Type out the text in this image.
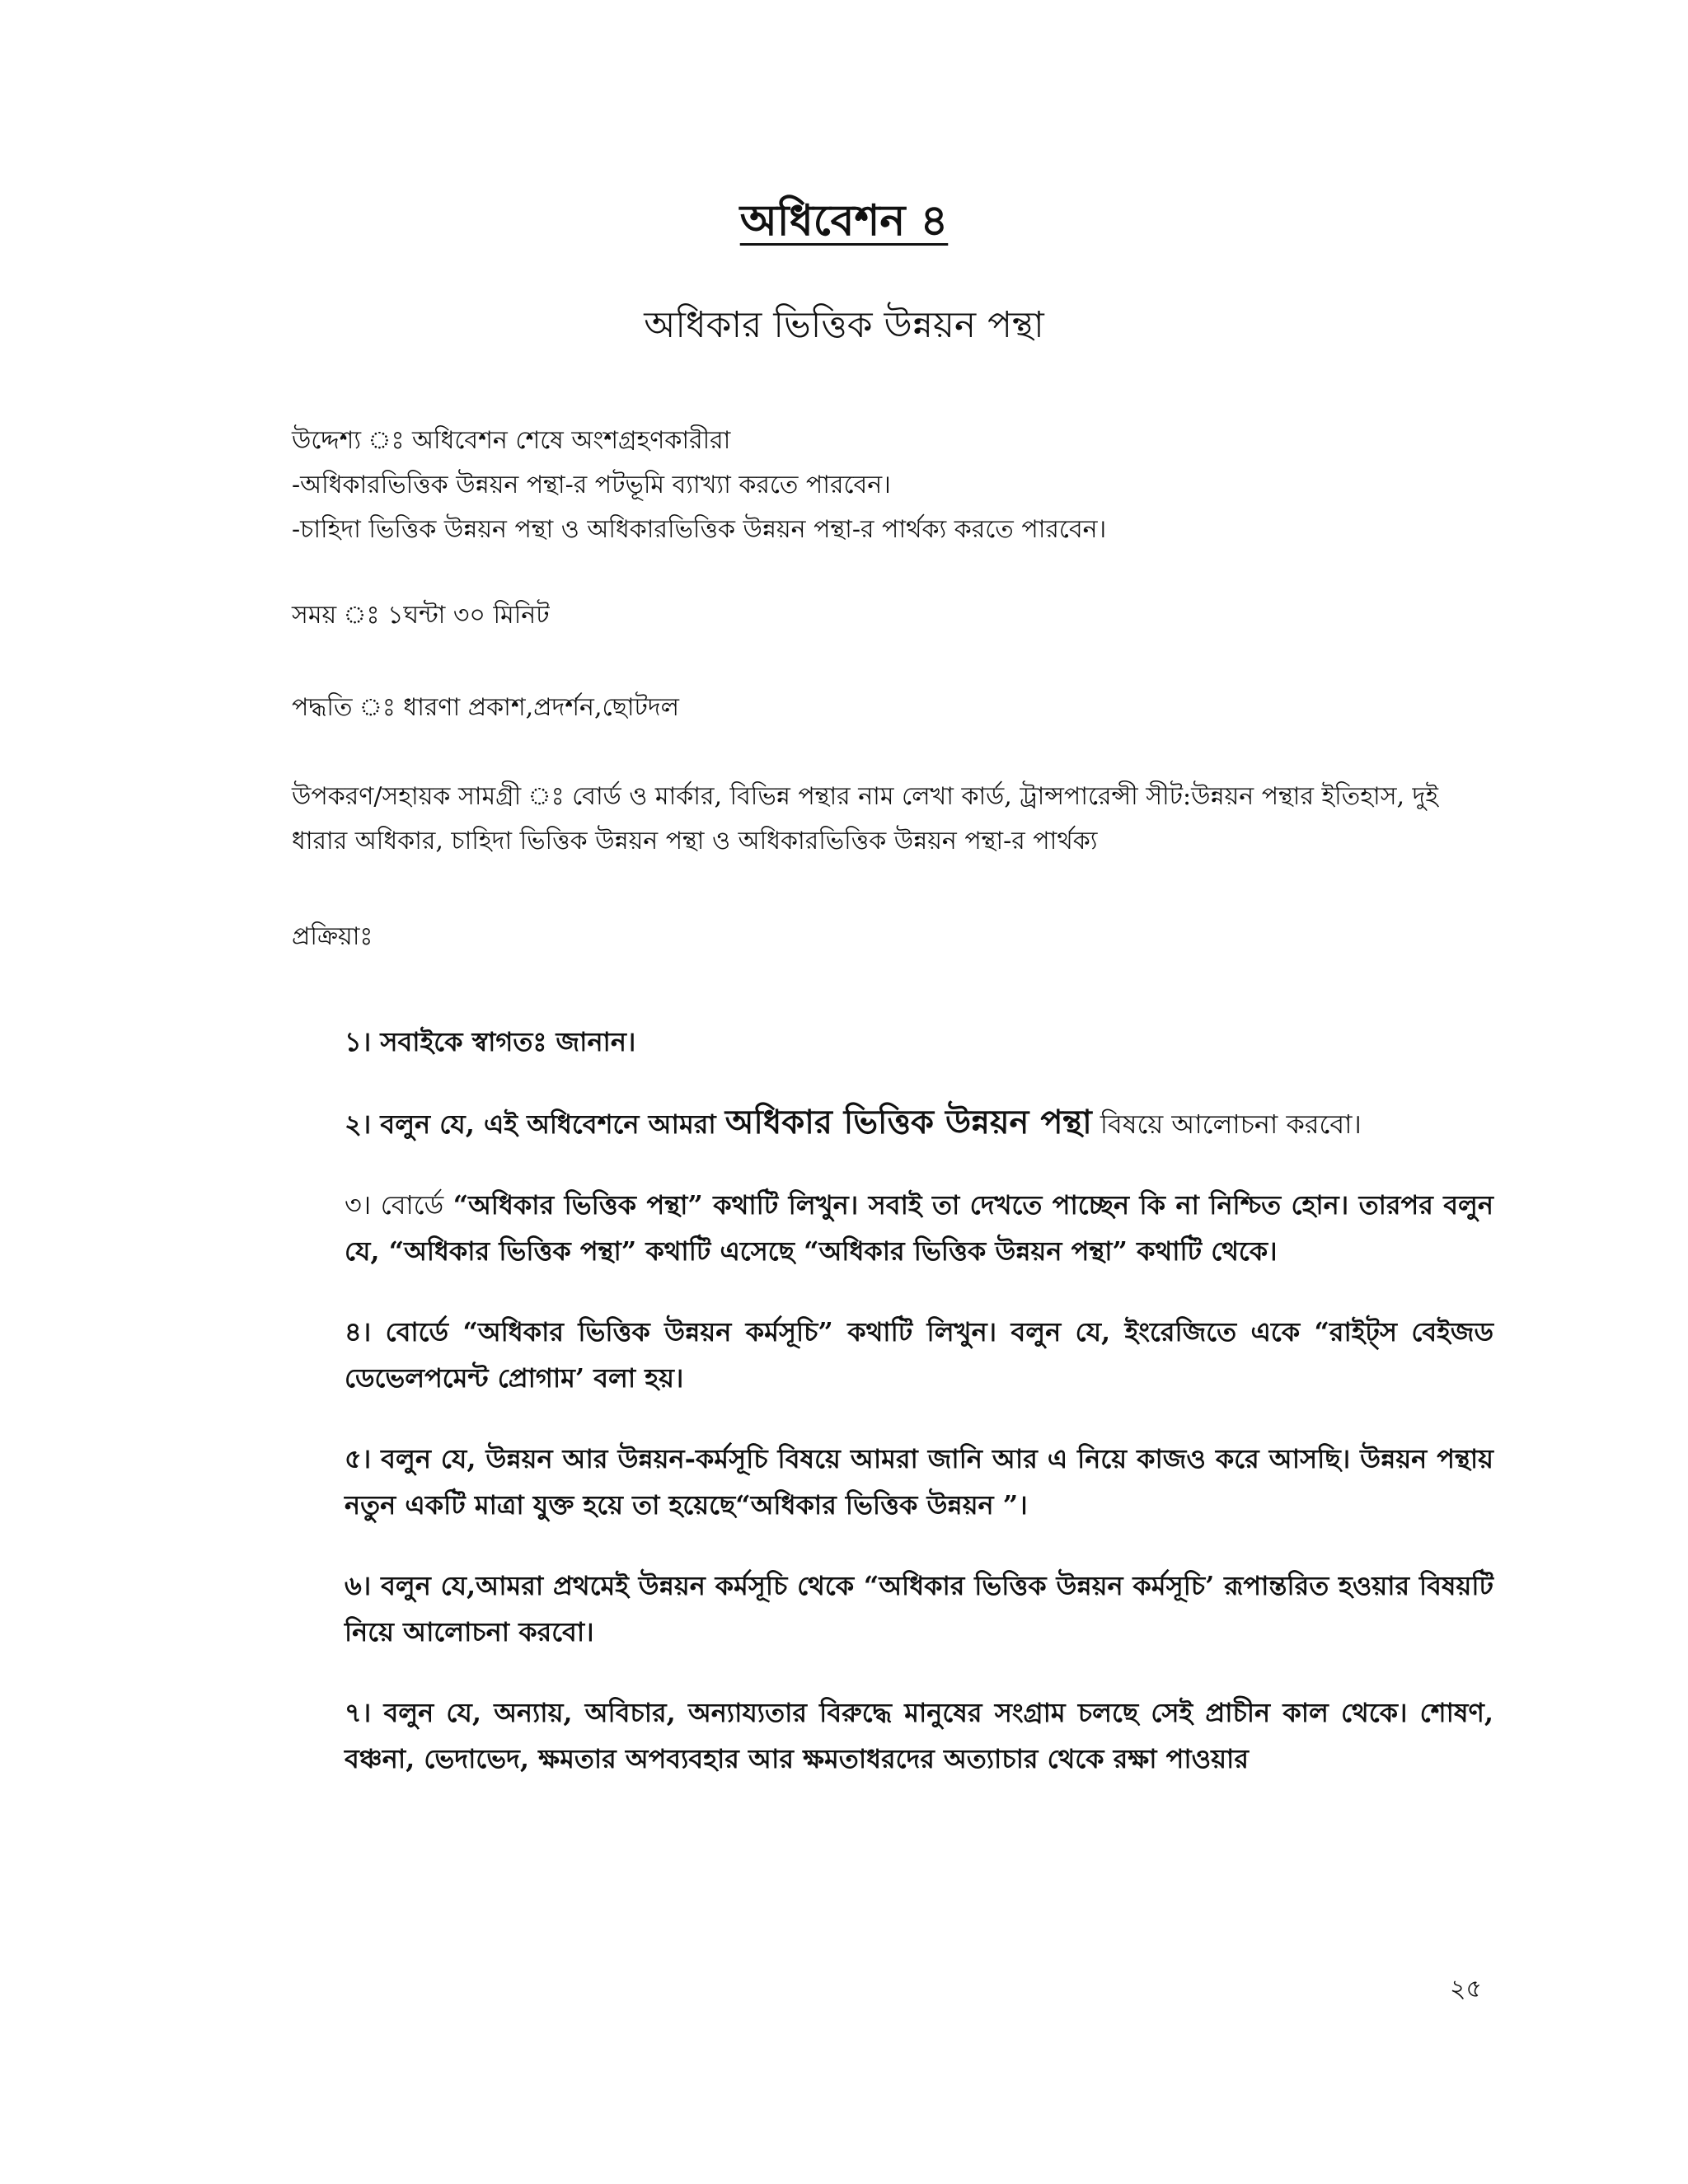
অধিবেশন ৪
অধিকার ভিত্তিক উন্নয়ন পন্থা

উদ্দেশ্য ঃ অধিবেশন শেষে অংশগ্রহণকারীরা

-অধিকারভিত্তিক উন্নয়ন পন্থা-র পটভূমি ব্যাখ্যা করতে পারবেন।

-চাহিদা ভিত্তিক উন্নয়ন পন্থা ও অধিকারভিত্তিক উন্নয়ন পন্থা-র পার্থক্য করতে পারবেন।

সময় ঃ ১ঘন্টা ৩০ মিনিট

পদ্ধতি ঃ ধারণা প্রকাশ,প্রদর্শন,ছোটদল

উপকরণ/সহায়ক সামগ্রী ঃ বোর্ড ও মার্কার, বিভিন্ন পন্থার নাম লেখা কার্ড, ট্রান্সপারেন্সী সীট:উন্নয়ন পন্থার ইতিহাস, দুই ধারার অধিকার, চাহিদা ভিত্তিক উন্নয়ন পন্থা ও অধিকারভিত্তিক উন্নয়ন পন্থা-র পার্থক্য

প্রক্রিয়াঃ

১। সবাইকে স্বাগতঃ জানান।

২। বলুন যে, এই অধিবেশনে আমরা অধিকার ভিত্তিক উন্নয়ন পন্থা বিষয়ে আলোচনা করবো।

৩। বোর্ডে “অধিকার ভিত্তিক পন্থা” কথাটি লিখুন। সবাই তা দেখতে পাচ্ছেন কি না নিশ্চিত হোন। তারপর বলুন যে, “অধিকার ভিত্তিক পন্থা” কথাটি এসেছে “অধিকার ভিত্তিক উন্নয়ন পন্থা” কথাটি থেকে।

৪। বোর্ডে “অধিকার ভিত্তিক উন্নয়ন কর্মসূচি” কথাটি লিখুন। বলুন যে, ইংরেজিতে একে “রাইট্স বেইজড ডেভেলপমেন্ট প্রোগাম’ বলা হয়।

৫। বলুন যে, উন্নয়ন আর উন্নয়ন-কর্মসূচি বিষয়ে আমরা জানি আর এ নিয়ে কাজও করে আসছি। উন্নয়ন পন্থায় নতুন একটি মাত্রা যুক্ত হয়ে তা হয়েছে“অধিকার ভিত্তিক উন্নয়ন ”।

৬। বলুন যে,আমরা প্রথমেই উন্নয়ন কর্মসূচি থেকে “অধিকার ভিত্তিক উন্নয়ন কর্মসূচি’ রূপান্তরিত হওয়ার বিষয়টি নিয়ে আলোচনা করবো।

৭। বলুন যে, অন্যায়, অবিচার, অন্যায্যতার বিরুদ্ধে মানুষের সংগ্রাম চলছে সেই প্রাচীন কাল থেকে। শোষণ, বঞ্চনা, ভেদাভেদ, ক্ষমতার অপব্যবহার আর ক্ষমতাধরদের অত্যাচার থেকে রক্ষা পাওয়ার

২৫
